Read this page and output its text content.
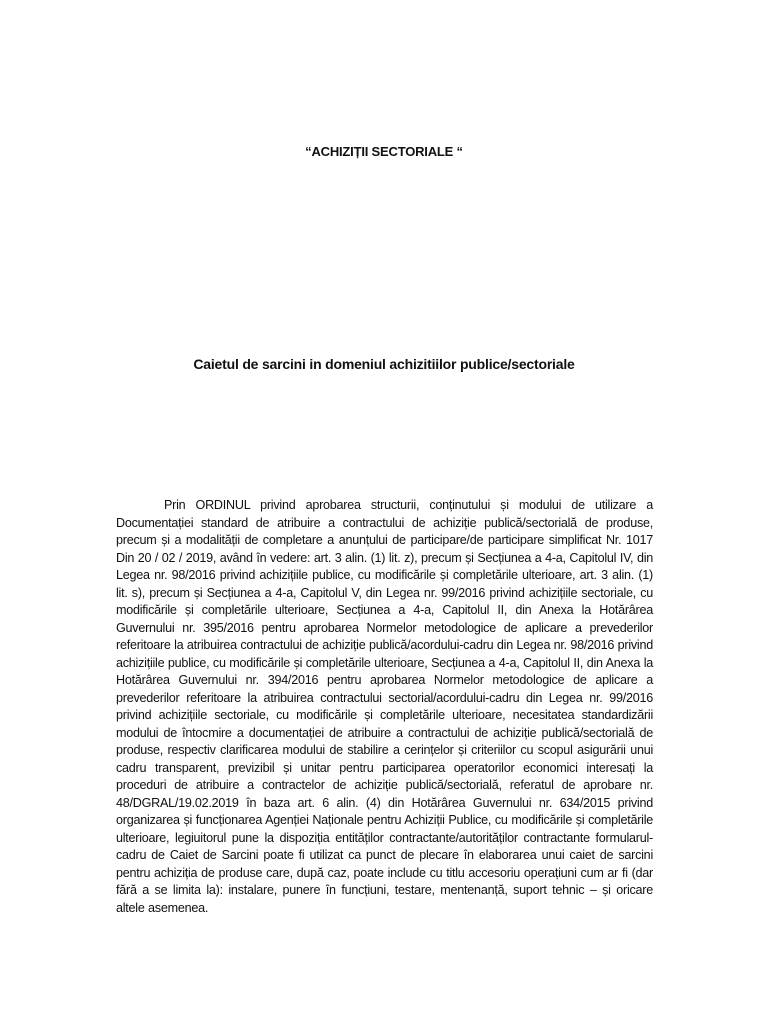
“ACHIZIȚII SECTORIALE “
Caietul de sarcini in domeniul achizitiilor publice/sectoriale

Prin ORDINUL privind aprobarea structurii, conținutului și modului de utilizare a Documentației standard de atribuire a contractului de achiziție publică/sectorială de produse, precum și a modalității de completare a anunțului de participare/de participare simplificat Nr. 1017 Din 20 / 02 / 2019, având în vedere: art. 3 alin. (1) lit. z), precum și Secțiunea a 4-a, Capitolul IV, din Legea nr. 98/2016 privind achizițiile publice, cu modificările și completările ulterioare, art. 3 alin. (1) lit. s), precum și Secțiunea a 4-a, Capitolul V, din Legea nr. 99/2016 privind achizițiile sectoriale, cu modificările și completările ulterioare, Secțiunea a 4-a, Capitolul II, din Anexa la Hotărârea Guvernului nr. 395/2016 pentru aprobarea Normelor metodologice de aplicare a prevederilor referitoare la atribuirea contractului de achiziție publică/acordului-cadru din Legea nr. 98/2016 privind achizițiile publice, cu modificările și completările ulterioare, Secțiunea a 4-a, Capitolul II, din Anexa la Hotărârea Guvernului nr. 394/2016 pentru aprobarea Normelor metodologice de aplicare a prevederilor referitoare la atribuirea contractului sectorial/acordului-cadru din Legea nr. 99/2016 privind achizițiile sectoriale, cu modificările și completările ulterioare, necesitatea standardizării modului de întocmire a documentației de atribuire a contractului de achiziție publică/sectorială de produse, respectiv clarificarea modului de stabilire a cerințelor și criteriilor cu scopul asigurării unui cadru transparent, previzibil și unitar pentru participarea operatorilor economici interesați la proceduri de atribuire a contractelor de achiziție publică/sectorială, referatul de aprobare nr. 48/DGRAL/19.02.2019 în baza art. 6 alin. (4) din Hotărârea Guvernului nr. 634/2015 privind organizarea și funcționarea Agenției Naționale pentru Achiziții Publice, cu modificările și completările ulterioare, legiuitorul pune la dispoziția entităților contractante/autorităților contractante formularul-cadru de Caiet de Sarcini poate fi utilizat ca punct de plecare în elaborarea unui caiet de sarcini pentru achiziția de produse care, după caz, poate include cu titlu accesoriu operațiuni cum ar fi (dar fără a se limita la): instalare, punere în funcțiuni, testare, mentenanță, suport tehnic – și oricare altele asemenea.
